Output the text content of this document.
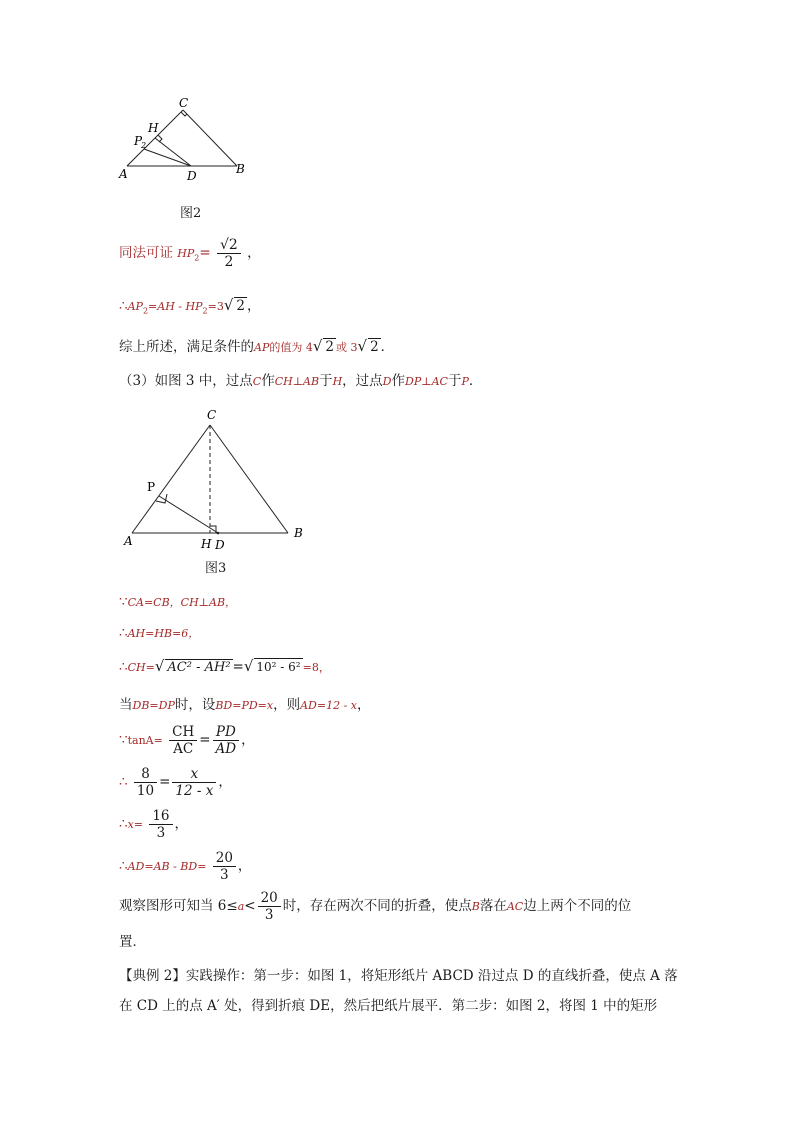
C
H
P
2
A	D	B
图2
同法可证 $HP_2= \frac{√2}{2}$ ，
$\therefore AP_2=AH - HP_2=3√$ 2 ，
综上所述，满足条件的AP的值为 4√ 2 或 3√ 2 ．
（3）如图 3 中，过点C作CH⊥AB于H，过点D作DP⊥AC于P．
C
P
A	H D
B
图3
∵CA=CB，CH⊥AB，
∴AH=HB=6，
∴CH=√ AC² - AH² =√ 10² - 6² =8，
当DB=DP时，设BD=PD=x，则AD=12 - x，
∵tanA= $\frac{CH}{AC} = \frac{PD}{AD}$ ，
∴ $\frac{8}{10} = \frac{x}{12 - x}$ ，
∴x= $\frac{16}{3}$ ，
∴AD=AB - $BD= \frac{20}{3}$ ，
观察图形可知当 $6\le a< \frac{20}{3}$ 时，存在两次不同的折叠，使点B落在AC边上两个不同的位
置．
【典例 2】实践操作：第一步：如图 1，将矩形纸片 ABCD 沿过点 D 的直线折叠，使点 A 落
在 CD 上的点 A′ 处，得到折痕 DE，然后把纸片展平．第二步：如图 2，将图 1 中的矩形
